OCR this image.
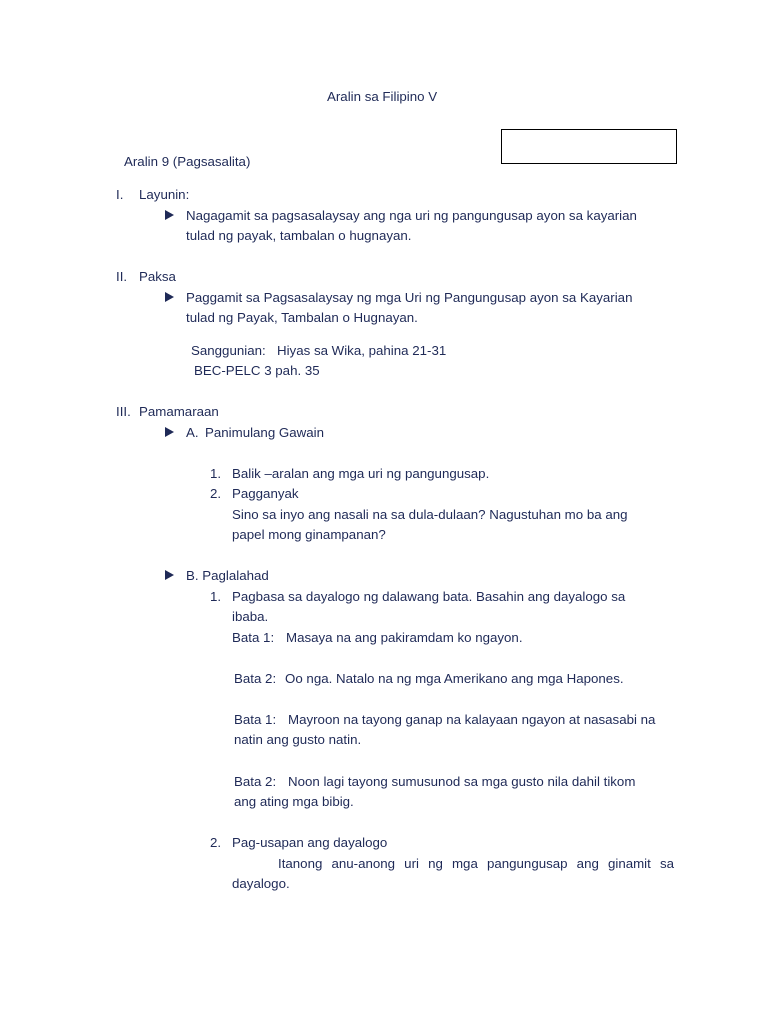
Aralin sa Filipino V
Aralin 9 (Pagsasalita)
I. Layunin:
Nagagamit sa pagsasalaysay ang nga uri ng pangungusap ayon sa kayarian
tulad ng payak, tambalan o hugnayan.
II. Paksa
Paggamit sa Pagsasalaysay ng mga Uri ng Pangungusap ayon sa Kayarian
tulad ng Payak, Tambalan o Hugnayan.
Sanggunian: Hiyas sa Wika, pahina 21-31
BEC-PELC 3 pah. 35
III. Pamamaraan
A. Panimulang Gawain
1. Balik –aralan ang mga uri ng pangungusap.
2. Pagganyak
Sino sa inyo ang nasali na sa dula-dulaan? Nagustuhan mo ba ang
papel mong ginampanan?
B. Paglalahad
1. Pagbasa sa dayalogo ng dalawang bata. Basahin ang dayalogo sa
ibaba.
Bata 1: Masaya na ang pakiramdam ko ngayon.
Bata 2: Oo nga. Natalo na ng mga Amerikano ang mga Hapones.
Bata 1: Mayroon na tayong ganap na kalayaan ngayon at nasasabi na
natin ang gusto natin.
Bata 2: Noon lagi tayong sumusunod sa mga gusto nila dahil tikom
ang ating mga bibig.
2. Pag-usapan ang dayalogo
Itanong anu-anong uri ng mga pangungusap ang ginamit sa
dayalogo.
